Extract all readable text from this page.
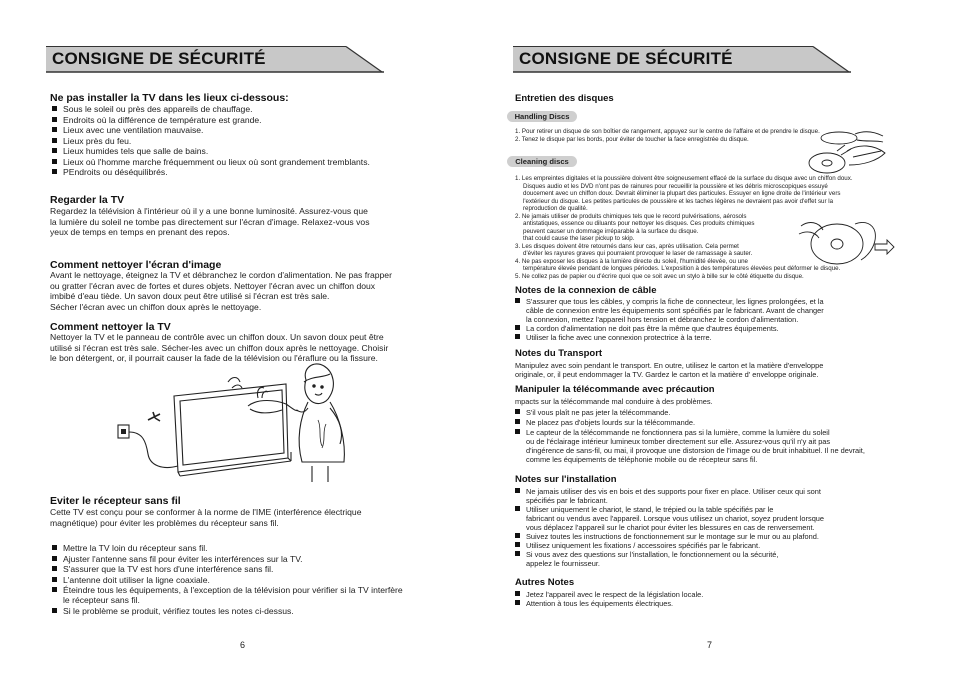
CONSIGNE DE SÉCURITÉ
Ne pas installer la TV dans les lieux ci-dessous:
Sous le soleil ou près des appareils de chauffage.
Endroits où la différence de température est grande.
Lieux avec une ventilation mauvaise.
Lieux près du feu.
Lieux humides tels que salle de bains.
Lieux où l'homme marche fréquemment ou lieux où sont grandement tremblants.
PEndroits ou déséquilibrés.
Regarder la TV
Regardez la télévision à l'intérieur où il y a une bonne luminosité. Assurez-vous que
la lumière du soleil ne tombe pas directement sur l'écran d'image. Relaxez-vous vos
yeux de temps en temps en prenant des repos.
Comment nettoyer l'écran d'image
Avant le nettoyage, éteignez la TV et débranchez le cordon d'alimentation. Ne pas frapper
ou gratter l'écran avec de fortes et dures objets. Nettoyer l'écran avec un chiffon doux
imbibé d'eau tiède. Un savon doux peut être utilisé si l'écran est très sale.
Sécher l'écran avec un chiffon doux après le nettoyage.
Comment nettoyer la TV
Nettoyer la TV et le panneau de contrôle avec un chiffon doux. Un savon doux peut être
utilisé si l'écran est très sale. Sécher-les avec un chiffon doux après le nettoyage. Choisir
le bon détergent, or, il pourrait causer la fade de la télévision ou l'éraflure ou la fissure.
Eviter le récepteur sans fil
Cette TV est conçu pour se conformer à la norme de l'IME (interférence électrique
magnétique) pour éviter les problèmes du récepteur sans fil.
Mettre la TV loin du récepteur sans fil.
Ajuster l'antenne sans fil pour éviter les interférences sur la TV.
S'assurer que la TV est hors d'une interférence sans fil.
L'antenne doit utiliser la ligne coaxiale.
Éteindre tous les équipements, à l'exception de la télévision pour vérifier si la TV interfère
le récepteur sans fil.
Si le problème se produit, vérifiez toutes les notes ci-dessus.
6
CONSIGNE DE SÉCURITÉ
Entretien des disques
Handling Discs
1. Pour retirer un disque de son boîtier de rangement, appuyez sur le centre de l'affaire et de prendre le disque.
2. Tenez le disque par les bords, pour éviter de toucher la face enregistrée du disque.
Cleaning discs
1. Les empreintes digitales et la poussière doivent être soigneusement effacé de la surface du disque avec un chiffon doux.
Disques audio et les DVD n'ont pas de rainures pour recueillir la poussière et les débris microscopiques essuyé
doucement avec un chiffon doux. Devrait éliminer la plupart des particules. Essuyer en ligne droite de l'intérieur vers
l'extérieur du disque. Les petites particules de poussière et les taches légères ne devraient pas avoir d'effet sur la
reproduction de qualité.
2. Ne jamais utiliser de produits chimiques tels que le record pulvérisations, aérosols
antistatiques, essence ou diluants pour nettoyer les disques. Ces produits chimiques
peuvent causer un dommage irréparable à la surface du disque.
that could cause the laser pickup to skip.
3. Les disques doivent être retournés dans leur cas, après utilisation. Cela permet
d'éviter les rayures graves qui pourraient provoquer le laser de ramassage à sauter.
4. Ne pas exposer les disques à la lumière directe du soleil, l'humidité élevée, ou une
température élevée pendant de longues périodes. L'exposition à des températures élevées peut déformer le disque.
5. Ne collez pas de papier ou d'écrire quoi que ce soit avec un stylo à bille sur le côté étiquette du disque.
Notes de la connexion de câble
S'assurer que tous les câbles, y compris la fiche de connecteur, les lignes prolongées, et la
câble de connexion entre les équipements sont spécifiés par le fabricant. Avant de changer
la connexion, mettez l'appareil hors tension et débranchez le cordon d'alimentation.
La cordon d'alimentation ne doit pas être la même que d'autres équipements.
Utiliser la fiche avec une connexion protectrice à la terre.
Notes du Transport
Manipulez avec soin pendant le transport. En outre, utilisez le carton et la matière d'enveloppe
originale, or, il peut endommager la TV. Gardez le carton et la matière d' enveloppe originale.
Manipuler la télécommande avec précaution
mpacts sur la télécommande mal conduire à des problèmes.
S'il vous plaît ne pas jeter la télécommande.
Ne placez pas d'objets lourds sur la télécommande.
Le capteur de la télécommande ne fonctionnera pas si la lumière, comme la lumière du soleil
ou de l'éclairage intérieur lumineux tomber directement sur elle. Assurez-vous qu'il n'y ait pas
d'ingérence de sans-fil, ou mai, il provoque une distorsion de l'image ou de bruit inhabituel. Il ne devrait,
comme les équipements de téléphonie mobile ou de récepteur sans fil.
Notes sur l'installation
Ne jamais utiliser des vis en bois et des supports pour fixer en place. Utiliser ceux qui sont
spécifiés par le fabricant.
Utiliser uniquement le chariot, le stand, le trépied ou la table spécifiés par le
fabricant ou vendus avec l'appareil. Lorsque vous utilisez un chariot, soyez prudent lorsque
vous déplacez l'appareil sur le chariot pour éviter les blessures en cas de renversement.
Suivez toutes les instructions de fonctionnement sur le montage sur le mur ou au plafond.
Utilisez uniquement les fixations / accessoires spécifiés par le fabricant.
Si vous avez des questions sur l'installation, le fonctionnement ou la sécurité,
appelez le fournisseur.
Autres Notes
Jetez l'appareil avec le respect de la législation locale.
Attention à tous les équipements électriques.
7
